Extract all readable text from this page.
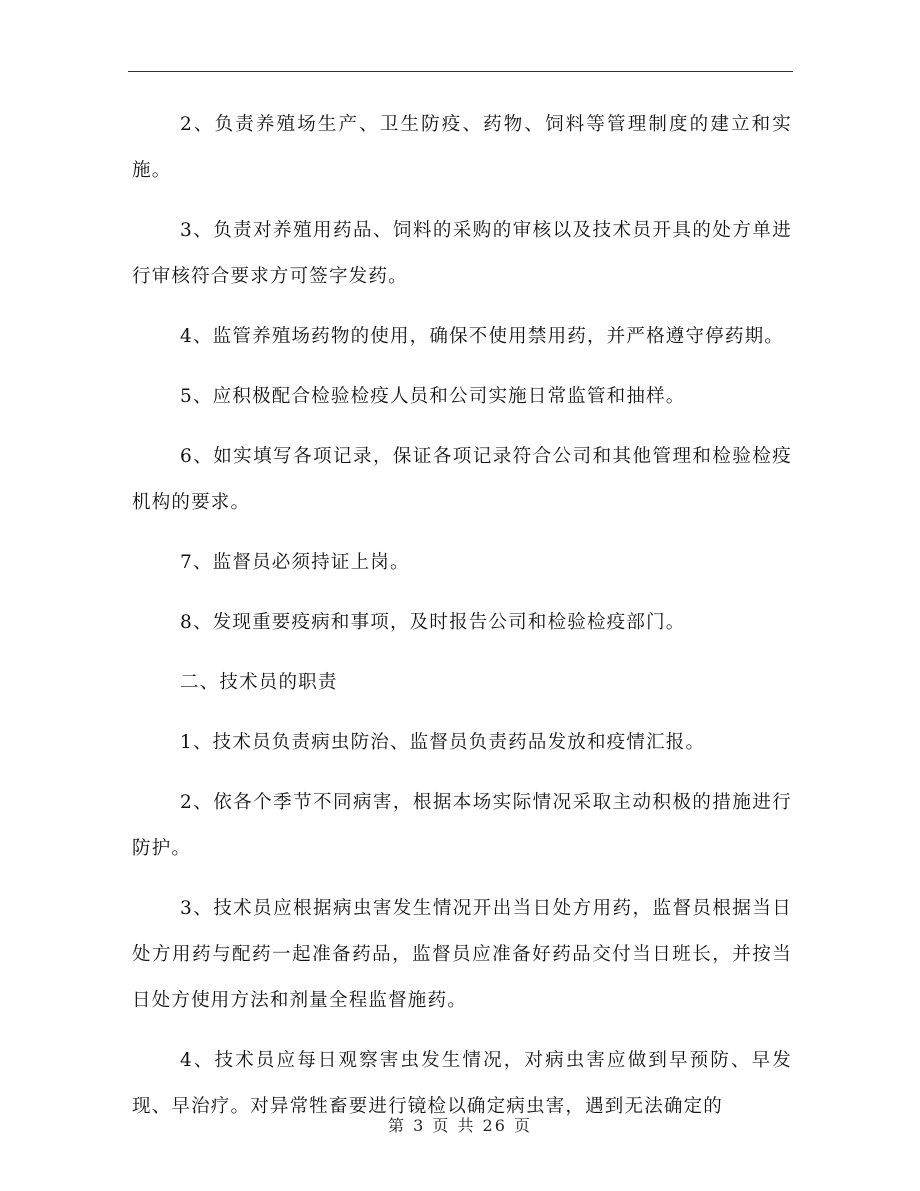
2、负责养殖场生产、卫生防疫、药物、饲料等管理制度的建立和实施。

3、负责对养殖用药品、饲料的采购的审核以及技术员开具的处方单进行审核符合要求方可签字发药。

4、监管养殖场药物的使用，确保不使用禁用药，并严格遵守停药期。

5、应积极配合检验检疫人员和公司实施日常监管和抽样。

6、如实填写各项记录，保证各项记录符合公司和其他管理和检验检疫机构的要求。

7、监督员必须持证上岗。

8、发现重要疫病和事项，及时报告公司和检验检疫部门。

二、技术员的职责

1、技术员负责病虫防治、监督员负责药品发放和疫情汇报。

2、依各个季节不同病害，根据本场实际情况采取主动积极的措施进行防护。

3、技术员应根据病虫害发生情况开出当日处方用药，监督员根据当日处方用药与配药一起准备药品，监督员应准备好药品交付当日班长，并按当日处方使用方法和剂量全程监督施药。

4、技术员应每日观察害虫发生情况，对病虫害应做到早预防、早发现、早治疗。对异常牲畜要进行镜检以确定病虫害，遇到无法确定的

第 3 页 共 26 页
